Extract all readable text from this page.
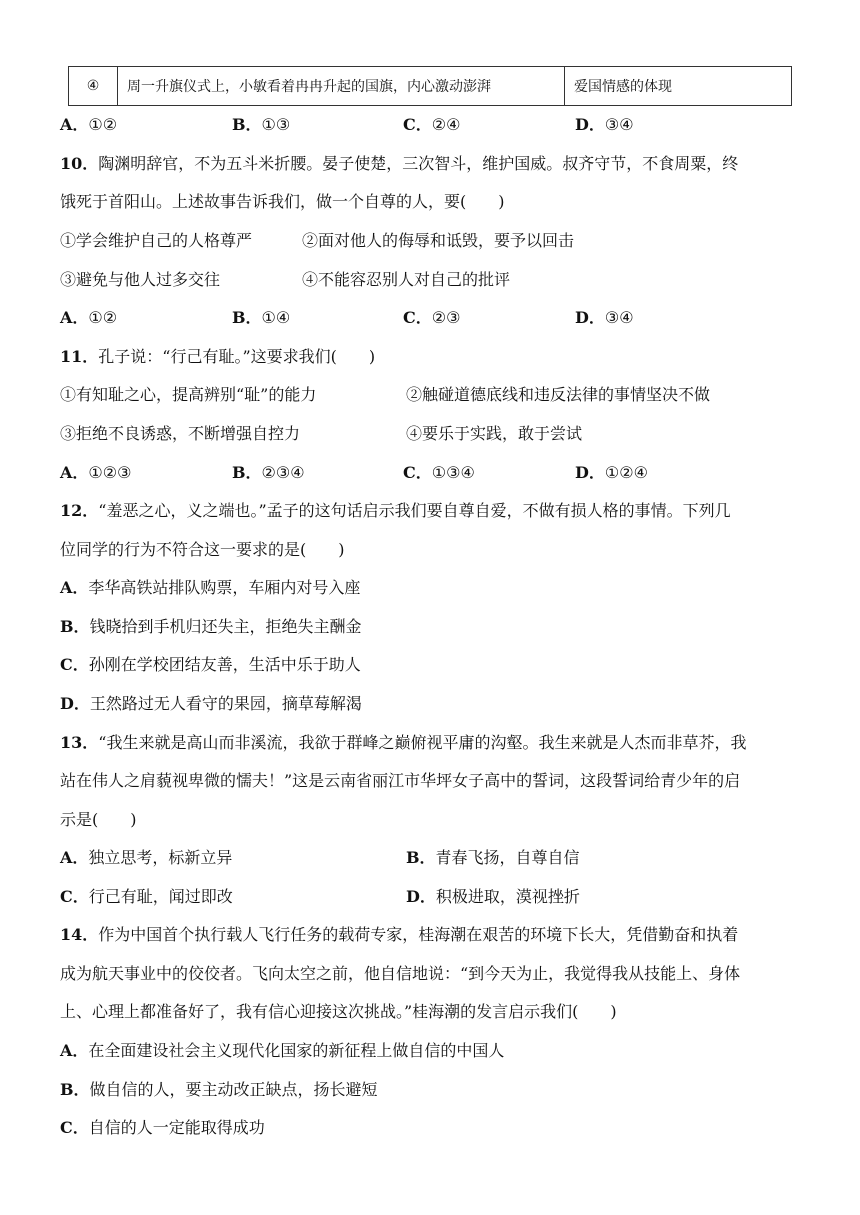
④	周一升旗仪式上，小敏看着冉冉升起的国旗，内心激动澎湃	爱国情感的体现
A．①②	B．①③	C．②④	D．③④
10．陶渊明辞官，不为五斗米折腰。晏子使楚，三次智斗，维护国威。叔齐守节，不食周粟，终
饿死于首阳山。上述故事告诉我们，做一个自尊的人，要(　　)
①学会维护自己的人格尊严	②面对他人的侮辱和诋毁，要予以回击
③避免与他人过多交往	④不能容忍别人对自己的批评
A．①②	B．①④	C．②③	D．③④
11．孔子说：“行己有耻。”这要求我们(　　)
①有知耻之心，提高辨别“耻”的能力	②触碰道德底线和违反法律的事情坚决不做
③拒绝不良诱惑，不断增强自控力	④要乐于实践，敢于尝试
A．①②③	B．②③④	C．①③④	D．①②④
12．“羞恶之心，义之端也。”孟子的这句话启示我们要自尊自爱，不做有损人格的事情。下列几
位同学的行为不符合这一要求的是(　　)
A．李华高铁站排队购票，车厢内对号入座
B．钱晓拾到手机归还失主，拒绝失主酬金
C．孙刚在学校团结友善，生活中乐于助人
D．王然路过无人看守的果园，摘草莓解渴
13．“我生来就是高山而非溪流，我欲于群峰之巅俯视平庸的沟壑。我生来就是人杰而非草芥，我
站在伟人之肩藐视卑微的懦夫！”这是云南省丽江市华坪女子高中的誓词，这段誓词给青少年的启
示是(　　)
A．独立思考，标新立异	B．青春飞扬，自尊自信
C．行己有耻，闻过即改	D．积极进取，漠视挫折
14．作为中国首个执行载人飞行任务的载荷专家，桂海潮在艰苦的环境下长大，凭借勤奋和执着
成为航天事业中的佼佼者。飞向太空之前，他自信地说：“到今天为止，我觉得我从技能上、身体
上、心理上都准备好了，我有信心迎接这次挑战。”桂海潮的发言启示我们(　　)
A．在全面建设社会主义现代化国家的新征程上做自信的中国人
B．做自信的人，要主动改正缺点，扬长避短
C．自信的人一定能取得成功
